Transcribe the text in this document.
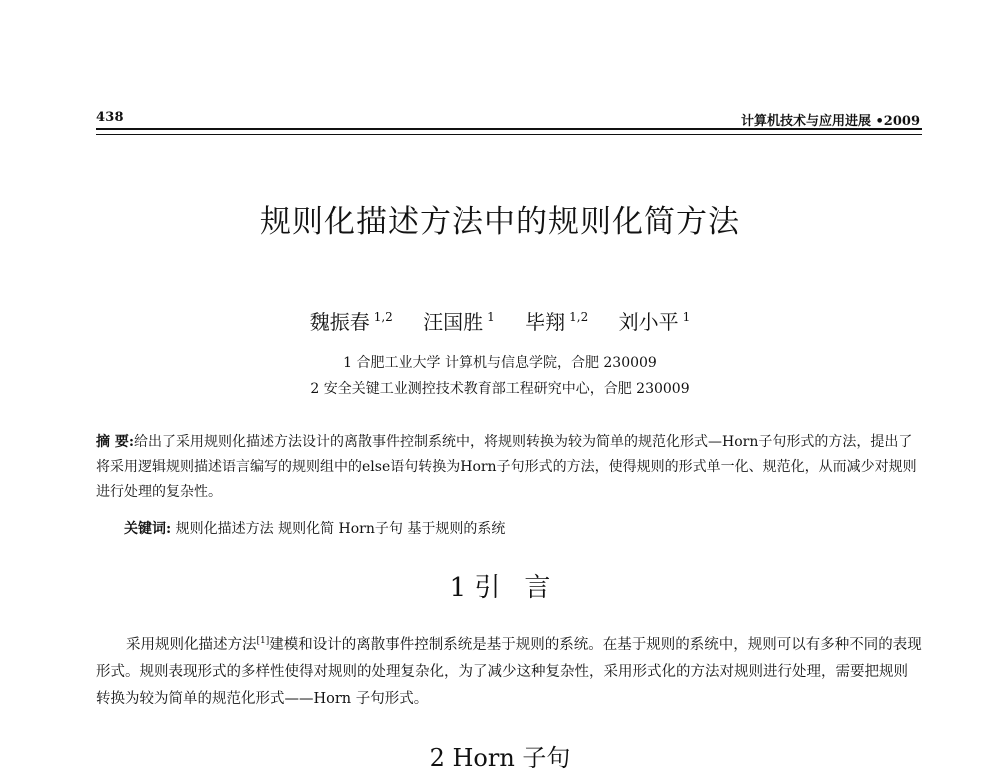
438	计算机技术与应用进展 •2009
规则化描述方法中的规则化简方法
魏振春 $^{1,2}$ 汪国胜 $^1$ 毕翔 $^{1,2}$ 刘小平 $^1$
1 合肥工业大学 计算机与信息学院，合肥 230009
2 安全关键工业测控技术教育部工程研究中心，合肥 230009
摘 要:给出了采用规则化描述方法设计的离散事件控制系统中，将规则转换为较为简单的规范化形式—Horn子句形式的方法，提出了将采用逻辑规则描述语言编写的规则组中的else语句转换为Horn子句形式的方法，使得规则的形式单一化、规范化，从而减少对规则进行处理的复杂性。
关键词: 规则化描述方法 规则化简 Horn子句 基于规则的系统
1 引 言

采用规则化描述方法[1]建模和设计的离散事件控制系统是基于规则的系统。在基于规则的系统中，规则可以有多种不同的表现形式。规则表现形式的多样性使得对规则的处理复杂化，为了减少这种复杂性，采用形式化的方法对规则进行处理，需要把规则转换为较为简单的规范化形式——Horn 子句形式。

2 Horn 子句
